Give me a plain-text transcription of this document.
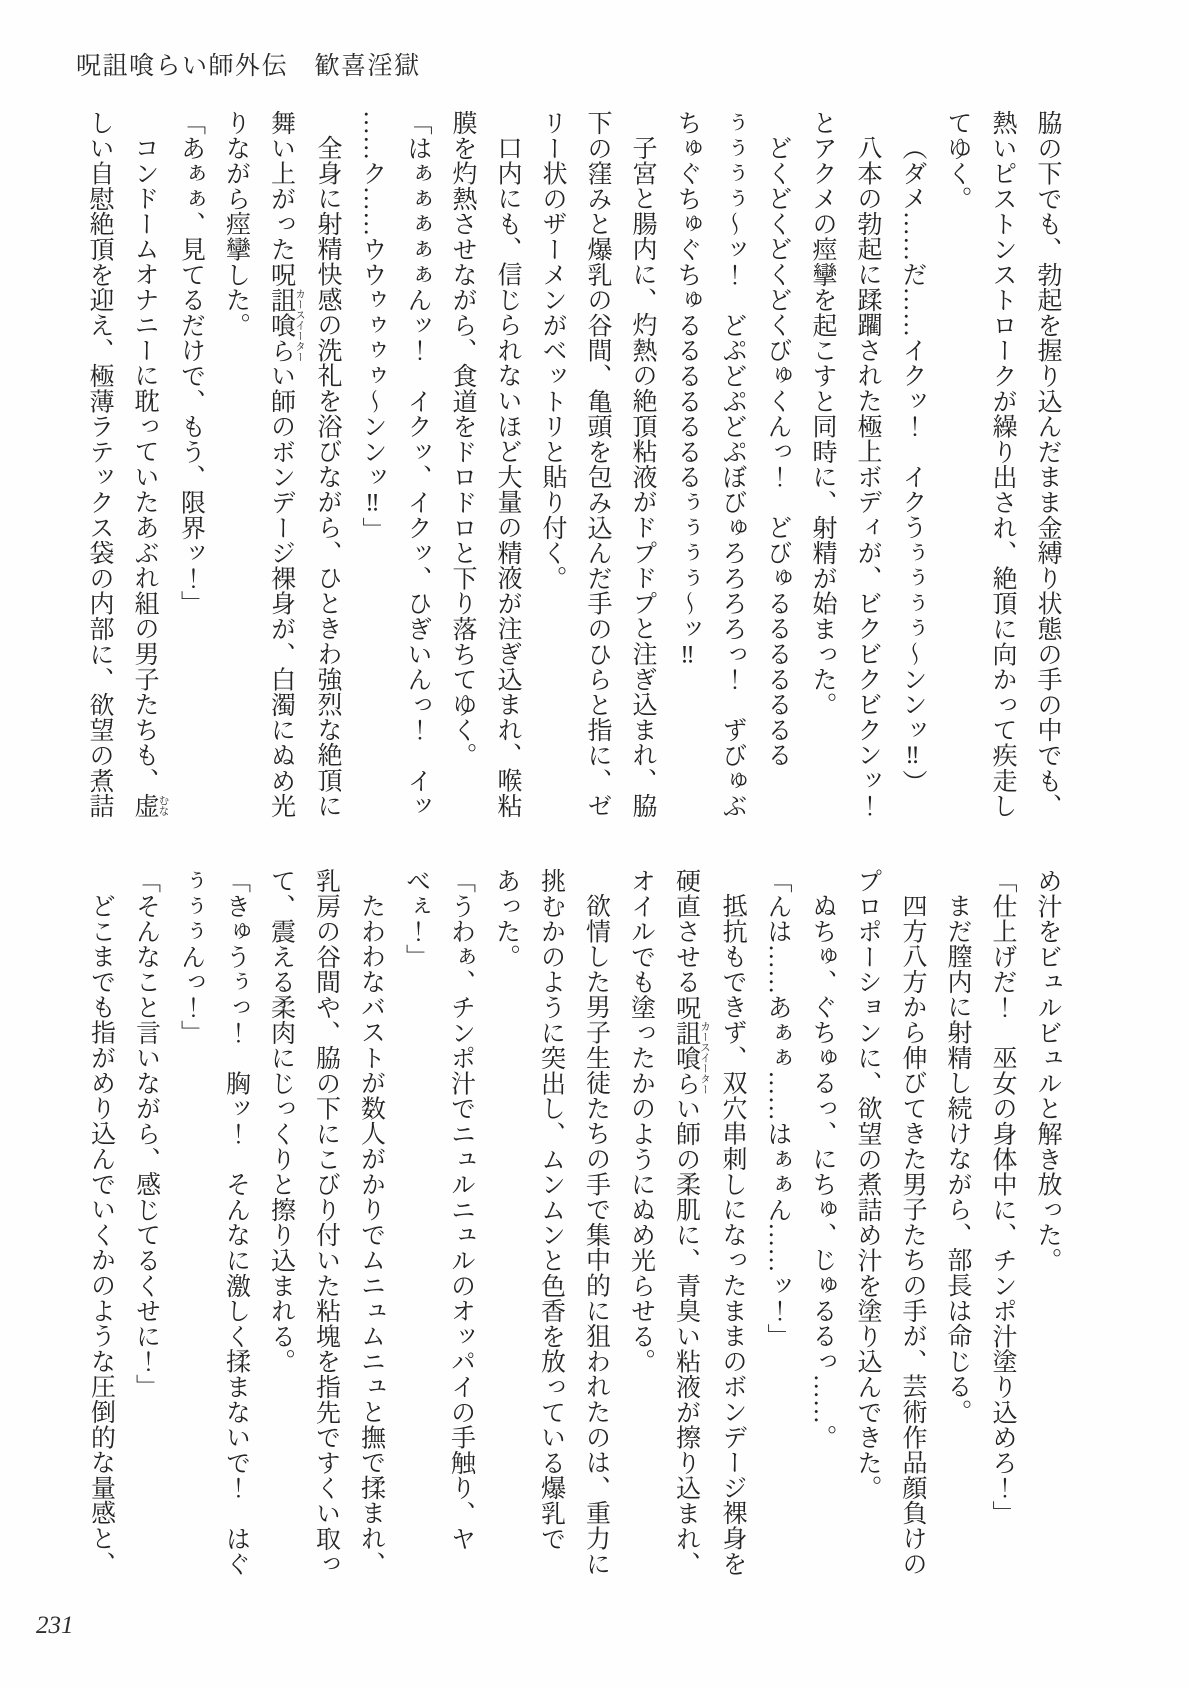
呪詛喰らい師外伝　歓喜淫獄

脇の下でも、勃起を握り込んだまま金縛り状態の手の中でも、

熱いピストンストロークが繰り出され、絶頂に向かって疾走し

てゆく。

（ダメ……だ……イクッ！　イクうぅぅぅぅ～ンンッ‼）

八本の勃起に蹂躙された極上ボディが、ビクビクビクンッ！

とアクメの痙攣を起こすと同時に、射精が始まった。

どくどくどくどくびゅくんっ！　どびゅるるるるるるる

ぅぅぅぅ～ッ！　どぷどぷどぷぼびゅろろろろっ！　ずびゅぶ

ちゅぐちゅぐちゅるるるるるるるぅぅぅぅ～ッ‼

子宮と腸内に、灼熱の絶頂粘液がドプドプと注ぎ込まれ、脇

下の窪みと爆乳の谷間、亀頭を包み込んだ手のひらと指に、ゼ

リー状のザーメンがベットリと貼り付く。

口内にも、信じられないほど大量の精液が注ぎ込まれ、喉粘

膜を灼熱させながら、食道をドロドロと下り落ちてゆく。

「はぁぁぁぁぁんッ！　イクッ、イクッ、ひぎいんっ！　イッ

……ク……ウウゥゥゥゥ～ンンッ‼」

全身に射精快感の洗礼を浴びながら、ひときわ強烈な絶頂に

舞い上がった呪詛喰らい カースイーター師のボンデージ裸身が、白濁にぬめ光

りながら痙攣した。

「あぁぁ、見てるだけで、もう、限界ッ！」

コンドームオナニーに耽っていたあぶれ組の男子たちも、虚 むな

しい自慰絶頂を迎え、極薄ラテックス袋の内部に、欲望の煮詰

め汁をビュルビュルと解き放った。

「仕上げだ！　巫女の身体中に、チンポ汁塗り込めろ！」

まだ膣内に射精し続けながら、部長は命じる。

四方八方から伸びてきた男子たちの手が、芸術作品顔負けの

プロポーションに、欲望の煮詰め汁を塗り込んできた。

ぬちゅ、ぐちゅるっ、にちゅ、じゅるるっ……。

「んは……あぁぁ……はぁぁん……ッ！」

抵抗もできず、双穴串刺しになったままのボンデージ裸身を

硬直させる呪詛喰らい カースイーター師の柔肌に、青臭い粘液が擦り込まれ、

オイルでも塗ったかのようにぬめ光らせる。

欲情した男子生徒たちの手で集中的に狙われたのは、重力に

挑むかのように突出し、ムンムンと色香を放っている爆乳で

あった。

「うわぁ、チンポ汁でニュルニュルのオッパイの手触り、ヤ

べぇ！」

たわわなバストが数人がかりでムニュムニュと撫で揉まれ、

乳房の谷間や、脇の下にこびり付いた粘塊を指先ですくい取っ

て、震える柔肉にじっくりと擦り込まれる。

「きゅうぅっ！　胸ッ！　そんなに激しく揉まないで！　はぐ

ぅぅぅんっ！」

「そんなこと言いながら、感じてるくせに！」

どこまでも指がめり込んでいくかのような圧倒的な量感と、

231
